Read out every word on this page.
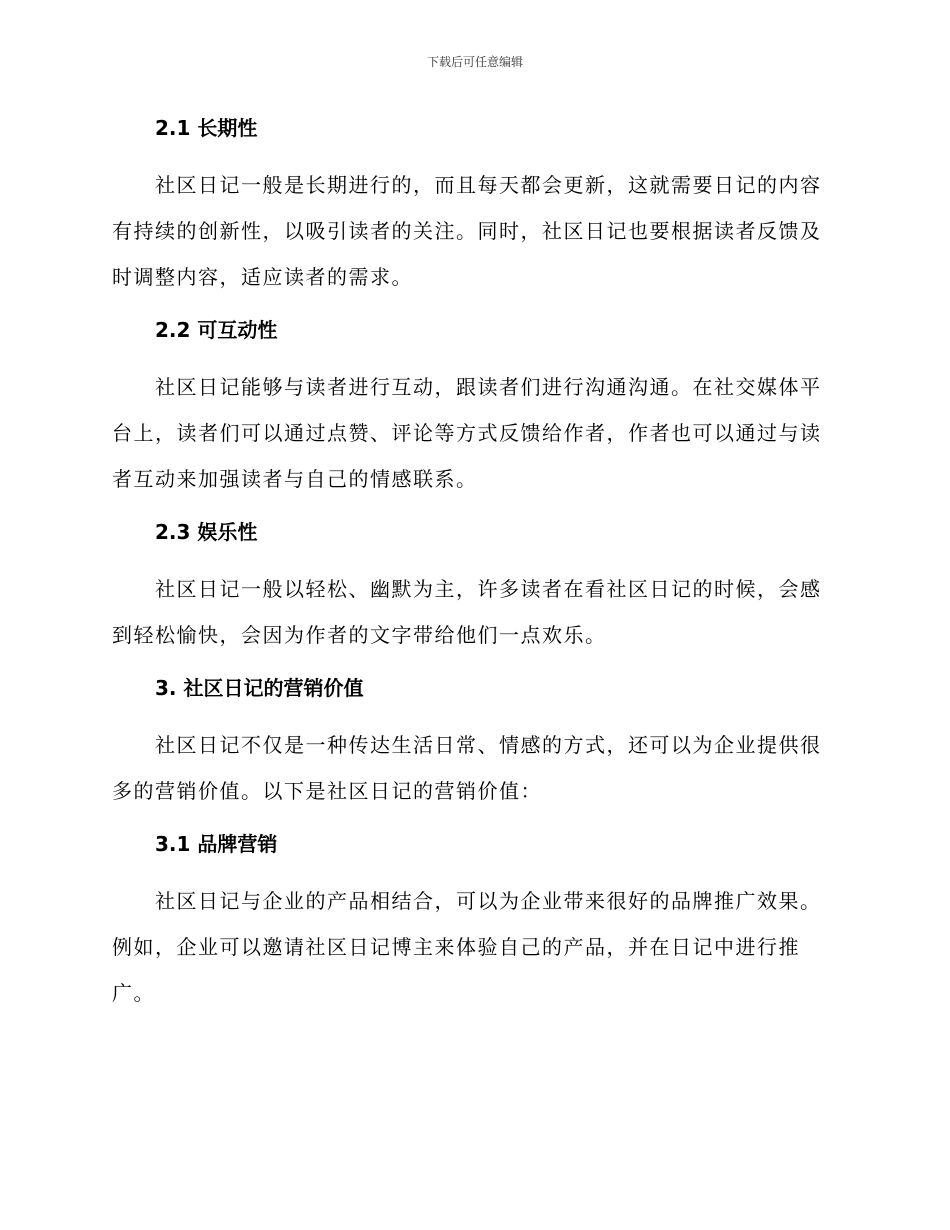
下载后可任意编辑
2.1 长期性

社区日记一般是长期进行的，而且每天都会更新，这就需要日记的内容有持续的创新性，以吸引读者的关注。同时，社区日记也要根据读者反馈及时调整内容，适应读者的需求。

2.2 可互动性

社区日记能够与读者进行互动，跟读者们进行沟通沟通。在社交媒体平台上，读者们可以通过点赞、评论等方式反馈给作者，作者也可以通过与读者互动来加强读者与自己的情感联系。

2.3 娱乐性

社区日记一般以轻松、幽默为主，许多读者在看社区日记的时候，会感到轻松愉快，会因为作者的文字带给他们一点欢乐。

3. 社区日记的营销价值

社区日记不仅是一种传达生活日常、情感的方式，还可以为企业提供很多的营销价值。以下是社区日记的营销价值：

3.1 品牌营销

社区日记与企业的产品相结合，可以为企业带来很好的品牌推广效果。例如，企业可以邀请社区日记博主来体验自己的产品，并在日记中进行推广。
